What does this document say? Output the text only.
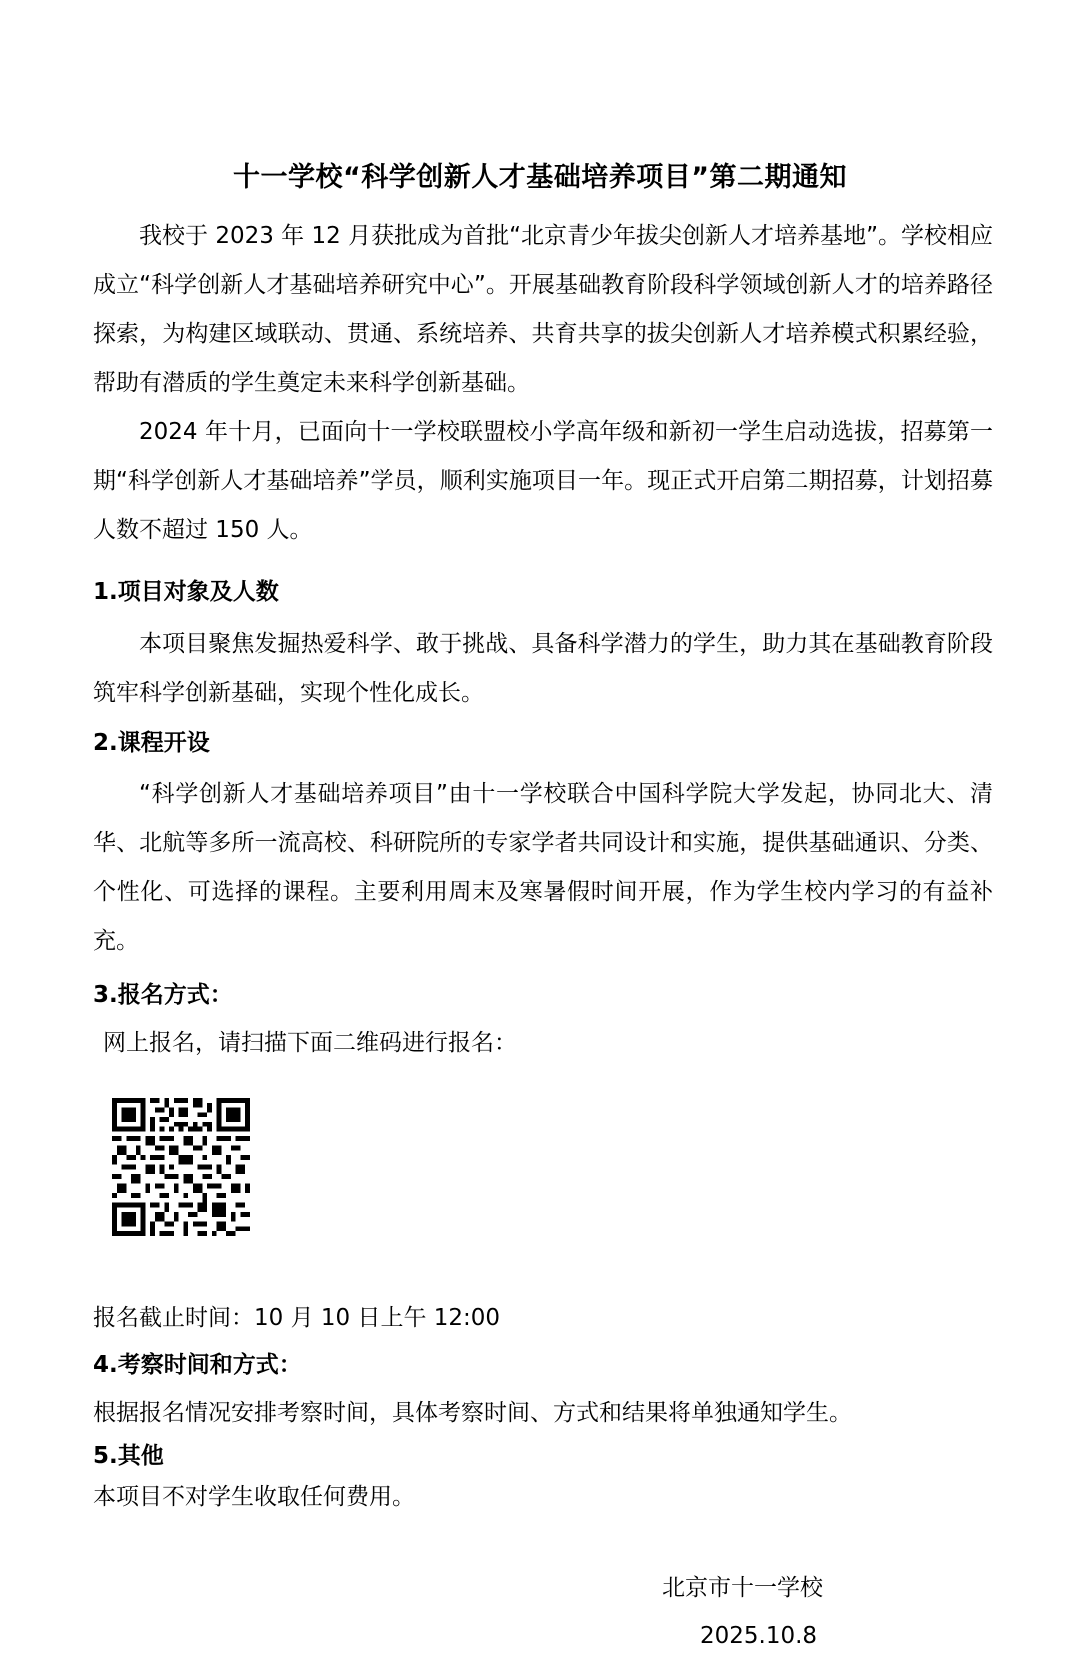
十一学校“科学创新人才基础培养项目”第二期通知

我校于 2023 年 12 月获批成为首批“北京青少年拔尖创新人才培养基地”。学校相应成立“科学创新人才基础培养研究中心”。开展基础教育阶段科学领域创新人才的培养路径探索，为构建区域联动、贯通、系统培养、共育共享的拔尖创新人才培养模式积累经验，帮助有潜质的学生奠定未来科学创新基础。

2024 年十月，已面向十一学校联盟校小学高年级和新初一学生启动选拔，招募第一期“科学创新人才基础培养”学员，顺利实施项目一年。现正式开启第二期招募，计划招募人数不超过 150 人。

1.项目对象及人数

本项目聚焦发掘热爱科学、敢于挑战、具备科学潜力的学生，助力其在基础教育阶段筑牢科学创新基础，实现个性化成长。

2.课程开设

“科学创新人才基础培养项目”由十一学校联合中国科学院大学发起，协同北大、清华、北航等多所一流高校、科研院所的专家学者共同设计和实施，提供基础通识、分类、个性化、可选择的课程。主要利用周末及寒暑假时间开展，作为学生校内学习的有益补充。

3.报名方式：

网上报名，请扫描下面二维码进行报名：

报名截止时间：10 月 10 日上午 12:00

4.考察时间和方式：

根据报名情况安排考察时间，具体考察时间、方式和结果将单独通知学生。

5.其他

本项目不对学生收取任何费用。

北京市十一学校
2025.10.8
